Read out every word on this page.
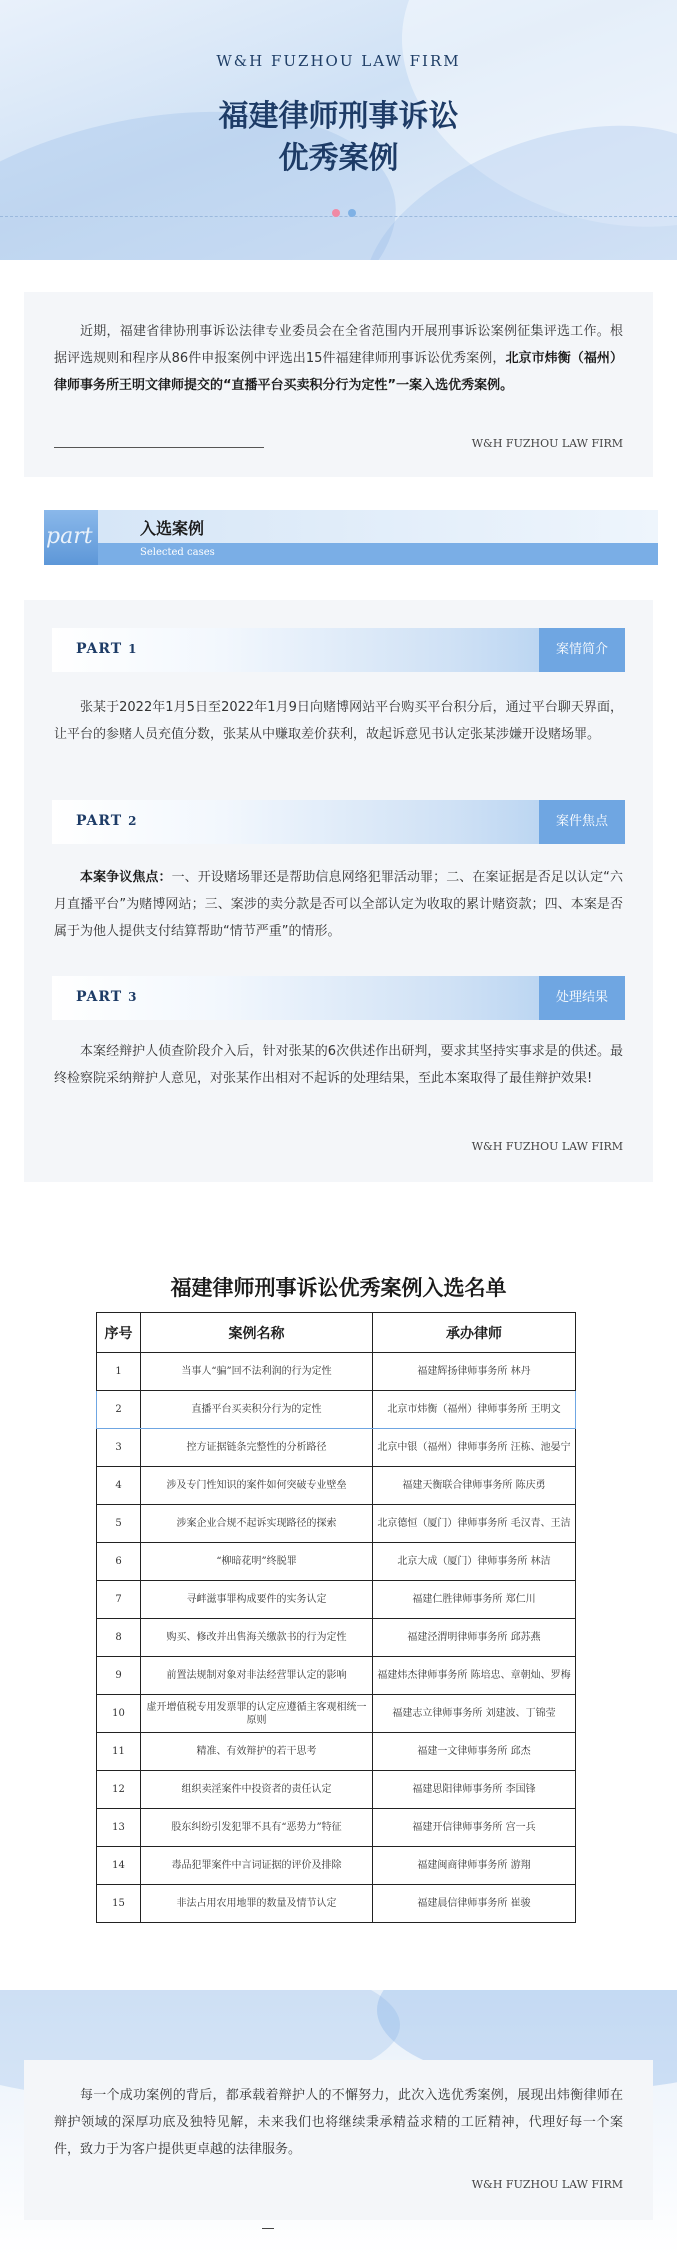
W&H FUZHOU LAW FIRM
福建律师刑事诉讼
优秀案例

近期，福建省律协刑事诉讼法律专业委员会在全省范围内开展刑事诉讼案例征集评选工作。根据评选规则和程序从86件申报案例中评选出15件福建律师刑事诉讼优秀案例，北京市炜衡（福州）律师事务所王明文律师提交的“直播平台买卖积分行为定性”一案入选优秀案例。

W&H FUZHOU LAW FIRM
part	入选案例
Selected cases
PART 1	案情简介

张某于2022年1月5日至2022年1月9日向赌博网站平台购买平台积分后，通过平台聊天界面，让平台的参赌人员充值分数，张某从中赚取差价获利，故起诉意见书认定张某涉嫌开设赌场罪。

PART 2	案件焦点

本案争议焦点：一、开设赌场罪还是帮助信息网络犯罪活动罪；二、在案证据是否足以认定“六月直播平台”为赌博网站；三、案涉的卖分款是否可以全部认定为收取的累计赌资款；四、本案是否属于为他人提供支付结算帮助“情节严重”的情形。

PART 3	处理结果

本案经辩护人侦查阶段介入后，针对张某的6次供述作出研判，要求其坚持实事求是的供述。最终检察院采纳辩护人意见，对张某作出相对不起诉的处理结果，至此本案取得了最佳辩护效果!

W&H FUZHOU LAW FIRM
福建律师刑事诉讼优秀案例入选名单
序号	案例名称	承办律师
1	当事人“骗”回不法利润的行为定性	福建辉扬律师事务所 林丹
2	直播平台买卖积分行为的定性	北京市炜衡（福州）律师事务所 王明文
3	控方证据链条完整性的分析路径	北京中银（福州）律师事务所 汪栋、池晏宁
4	涉及专门性知识的案件如何突破专业壁垒	福建天衡联合律师事务所 陈庆勇
5	涉案企业合规不起诉实现路径的探索	北京德恒（厦门）律师事务所 毛汉青、王洁
6	“柳暗花明”终脱罪	北京大成（厦门）律师事务所 林洁
7	寻衅滋事罪构成要件的实务认定	福建仁胜律师事务所 郑仁川
8	购买、修改并出售海关缴款书的行为定性	福建泾渭明律师事务所 邱苏燕
9	前置法规制对象对非法经营罪认定的影响	福建炜杰律师事务所 陈培忠、章朝灿、罗梅
10	虚开增值税专用发票罪的认定应遵循主客观相统一原则	福建志立律师事务所 刘建波、丁锦莹
11	精准、有效辩护的若干思考	福建一文律师事务所 邱杰
12	组织卖淫案件中投资者的责任认定	福建思阳律师事务所 李国锋
13	股东纠纷引发犯罪不具有“恶势力”特征	福建开信律师事务所 宫一兵
14	毒品犯罪案件中言词证据的评价及排除	福建闽商律师事务所 游翔
15	非法占用农用地罪的数量及情节认定	福建晨信律师事务所 崔骏

每一个成功案例的背后，都承载着辩护人的不懈努力，此次入选优秀案例，展现出炜衡律师在辩护领域的深厚功底及独特见解，未来我们也将继续秉承精益求精的工匠精神，代理好每一个案件，致力于为客户提供更卓越的法律服务。

W&H FUZHOU LAW FIRM
